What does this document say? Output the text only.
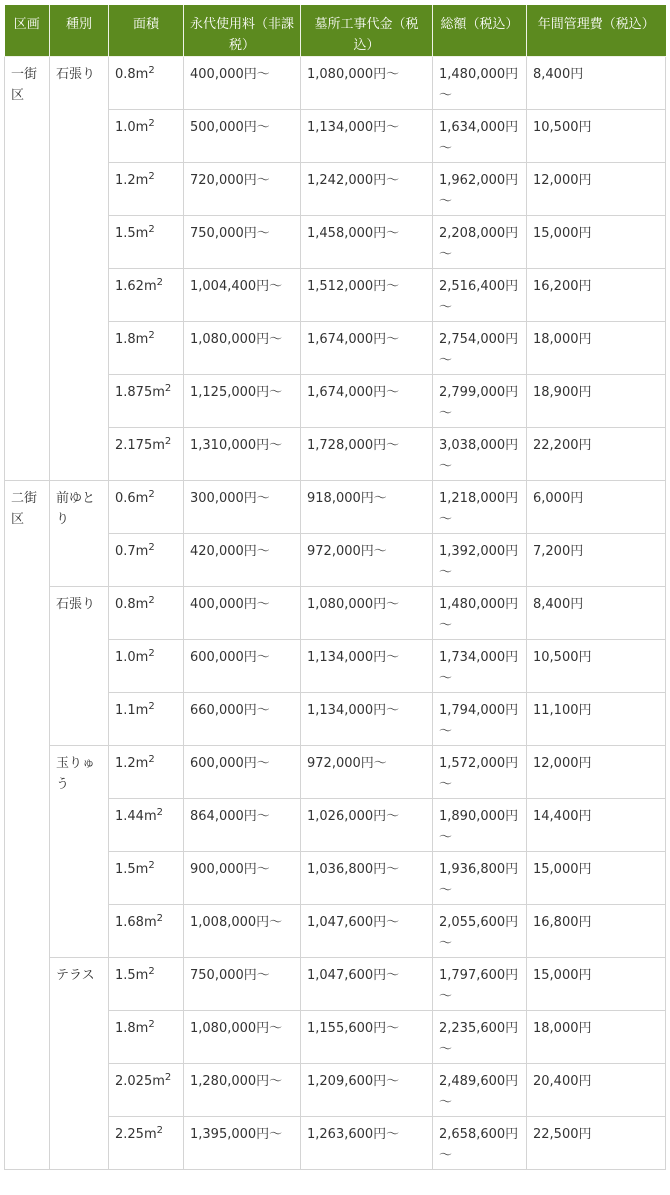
区画	種別	面積	永代使用料（非課税）	墓所工事代金（税込）	総額（税込）	年間管理費（税込）
一街区	石張り	$0.8m^2$	400,000円～	1,080,000円～	1,480,000円～	8,400円
		$1.0m^2$	500,000円～	1,134,000円～	1,634,000円～	10,500円
		$1.2m^2$	720,000円～	1,242,000円～	1,962,000円～	12,000円
		$1.5m^2$	750,000円～	1,458,000円～	2,208,000円～	15,000円
		$1.62m^2$	1,004,400円～	1,512,000円～	2,516,400円～	16,200円
		$1.8m^2$	1,080,000円～	1,674,000円～	2,754,000円～	18,000円
		$1.875m^2$	1,125,000円～	1,674,000円～	2,799,000円～	18,900円
		$2.175m^2$	1,310,000円～	1,728,000円～	3,038,000円～	22,200円
二街区	前ゆとり	$0.6m^2$	300,000円～	918,000円～	1,218,000円～	6,000円
		$0.7m^2$	420,000円～	972,000円～	1,392,000円～	7,200円
	石張り	$0.8m^2$	400,000円～	1,080,000円～	1,480,000円～	8,400円
		$1.0m^2$	600,000円～	1,134,000円～	1,734,000円～	10,500円
		$1.1m^2$	660,000円～	1,134,000円～	1,794,000円～	11,100円
	玉りゅう	$1.2m^2$	600,000円～	972,000円～	1,572,000円～	12,000円
		$1.44m^2$	864,000円～	1,026,000円～	1,890,000円～	14,400円
		$1.5m^2$	900,000円～	1,036,800円～	1,936,800円～	15,000円
		$1.68m^2$	1,008,000円～	1,047,600円～	2,055,600円～	16,800円
	テラス	$1.5m^2$	750,000円～	1,047,600円～	1,797,600円～	15,000円
		$1.8m^2$	1,080,000円～	1,155,600円～	2,235,600円～	18,000円
		$2.025m^2$	1,280,000円～	1,209,600円～	2,489,600円～	20,400円
		$2.25m^2$	1,395,000円～	1,263,600円～	2,658,600円～	22,500円
